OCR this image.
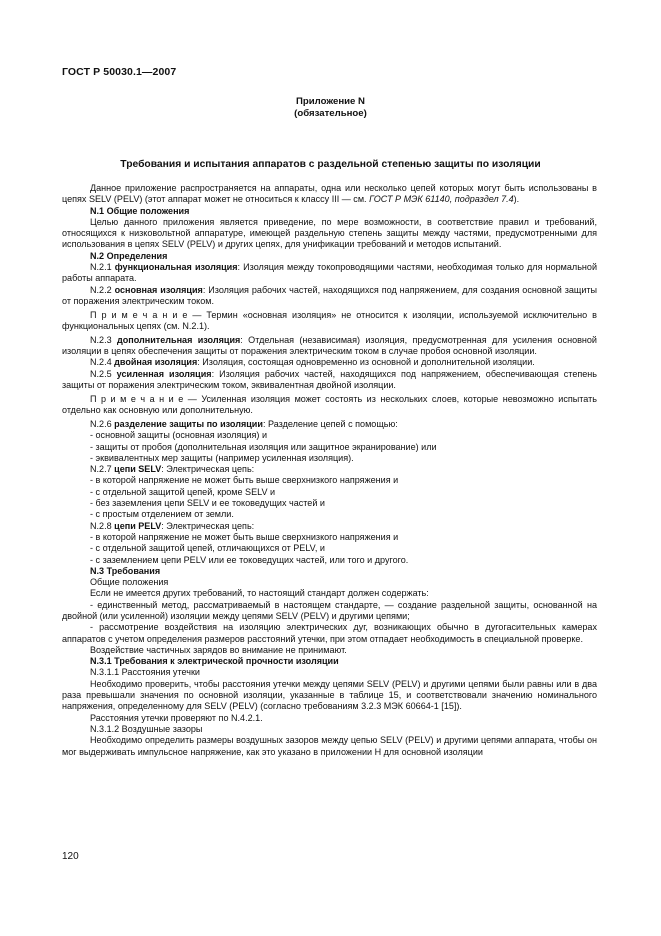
ГОСТ Р 50030.1—2007
Приложение N
(обязательное)
Требования и испытания аппаратов с раздельной степенью защиты по изоляции

Данное приложение распространяется на аппараты, одна или несколько цепей которых могут быть использованы в цепях SELV (PELV) (этот аппарат может не относиться к классу III — см. ГОСТ Р МЭК 61140, подраздел 7.4).

N.1 Общие положения

Целью данного приложения является приведение, по мере возможности, в соответствие правил и требований, относящихся к низковольтной аппаратуре, имеющей раздельную степень защиты между частями, предусмотренными для использования в цепях SELV (PELV) и других цепях, для унификации требований и методов испытаний.

N.2 Определения

N.2.1 функциональная изоляция: Изоляция между токопроводящими частями, необходимая только для нормальной работы аппарата.

N.2.2 основная изоляция: Изоляция рабочих частей, находящихся под напряжением, для создания основной защиты от поражения электрическим током.

П р и м е ч а н и е — Термин «основная изоляция» не относится к изоляции, используемой исключительно в функциональных цепях (см. N.2.1).

N.2.3 дополнительная изоляция: Отдельная (независимая) изоляция, предусмотренная для усиления основной изоляции в цепях обеспечения защиты от поражения электрическим током в случае пробоя основной изоляции.

N.2.4 двойная изоляция: Изоляция, состоящая одновременно из основной и дополнительной изоляции.

N.2.5 усиленная изоляция: Изоляция рабочих частей, находящихся под напряжением, обеспечивающая степень защиты от поражения электрическим током, эквивалентная двойной изоляции.

П р и м е ч а н и е — Усиленная изоляция может состоять из нескольких слоев, которые невозможно испытать отдельно как основную или дополнительную.

N.2.6 разделение защиты по изоляции: Разделение цепей с помощью:

- основной защиты (основная изоляция) и

- защиты от пробоя (дополнительная изоляция или защитное экранирование) или

- эквивалентных мер защиты (например усиленная изоляция).

N.2.7 цепи SELV: Электрическая цепь:

- в которой напряжение не может быть выше сверхнизкого напряжения и

- с отдельной защитой цепей, кроме SELV и

- без заземления цепи SELV и ее токоведущих частей и

- с простым отделением от земли.

N.2.8 цепи PELV: Электрическая цепь:

- в которой напряжение не может быть выше сверхнизкого напряжения и

- с отдельной защитой цепей, отличающихся от PELV, и

- с заземлением цепи PELV или ее токоведущих частей, или того и другого.

N.3 Требования

Общие положения

Если не имеется других требований, то настоящий стандарт должен содержать:

- единственный метод, рассматриваемый в настоящем стандарте, — создание раздельной защиты, основанной на двойной (или усиленной) изоляции между цепями SELV (PELV) и другими цепями;

- рассмотрение воздействия на изоляцию электрических дуг, возникающих обычно в дугогасительных камерах аппаратов с учетом определения размеров расстояний утечки, при этом отпадает необходимость в специальной проверке.

Воздействие частичных зарядов во внимание не принимают.

N.3.1 Требования к электрической прочности изоляции

N.3.1.1 Расстояния утечки

Необходимо проверить, чтобы расстояния утечки между цепями SELV (PELV) и другими цепями были равны или в два раза превышали значения по основной изоляции, указанные в таблице 15, и соответствовали значению номинального напряжения, определенному для SELV (PELV) (согласно требованиям 3.2.3 МЭК 60664-1 [15]).

Расстояния утечки проверяют по N.4.2.1.

N.3.1.2 Воздушные зазоры

Необходимо определить размеры воздушных зазоров между цепью SELV (PELV) и другими цепями аппарата, чтобы он мог выдерживать импульсное напряжение, как это указано в приложении H для основной изоляции

120
